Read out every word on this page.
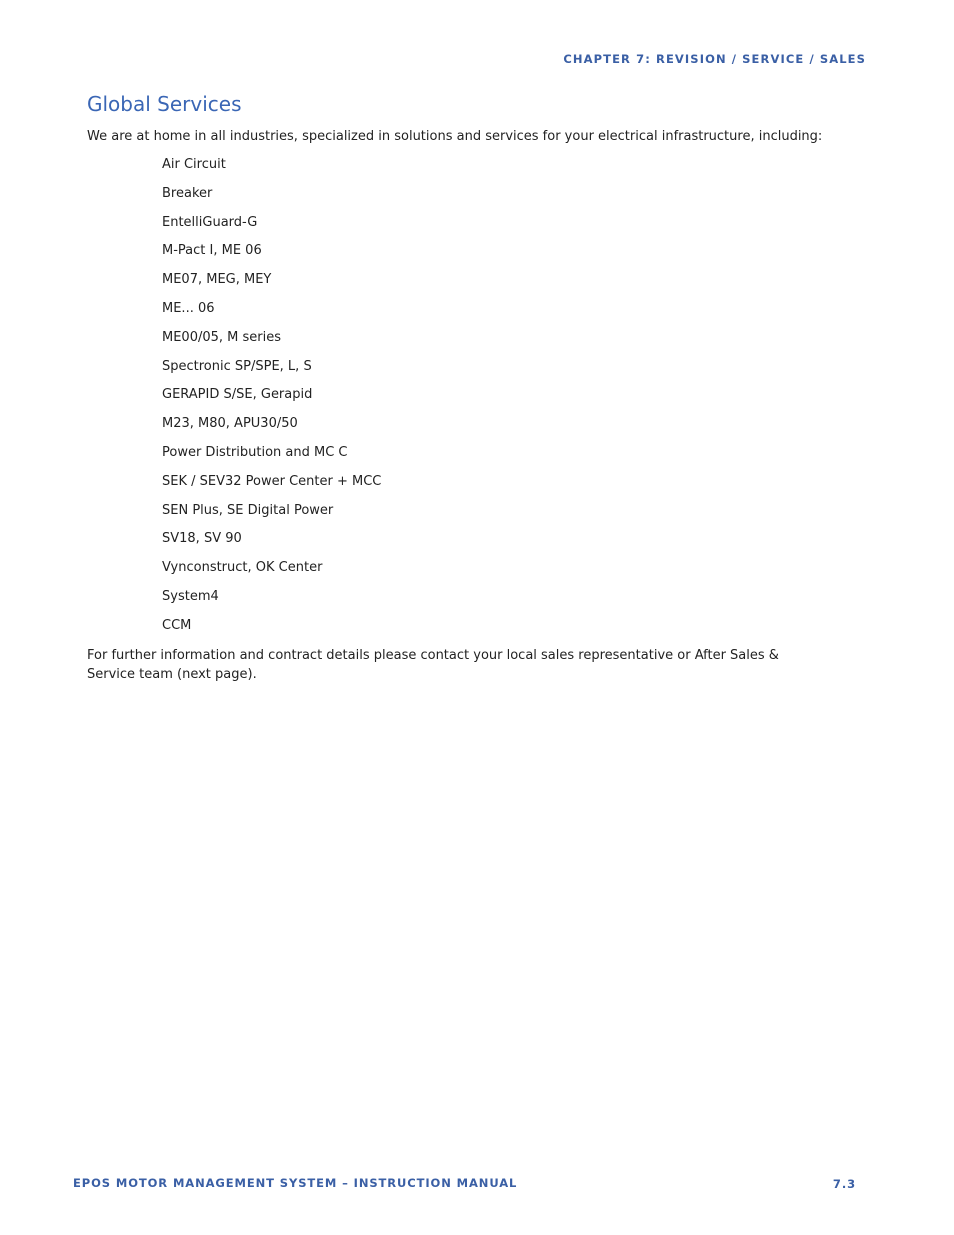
CHAPTER 7: REVISION / SERVICE / SALES
Global Services
We are at home in all industries, specialized in solutions and services for your electrical infrastructure, including:
Air Circuit
Breaker
EntelliGuard-G
M-Pact I, ME 06
ME07, MEG, MEY
ME... 06
ME00/05, M series
Spectronic SP/SPE, L, S
GERAPID S/SE, Gerapid
M23, M80, APU30/50
Power Distribution and MC C
SEK / SEV32 Power Center + MCC
SEN Plus, SE Digital Power
SV18, SV 90
Vynconstruct, OK Center
System4
CCM
For further information and contract details please contact your local sales representative or After Sales & Service team (next page).
EPOS MOTOR MANAGEMENT SYSTEM – INSTRUCTION MANUAL	7.3
